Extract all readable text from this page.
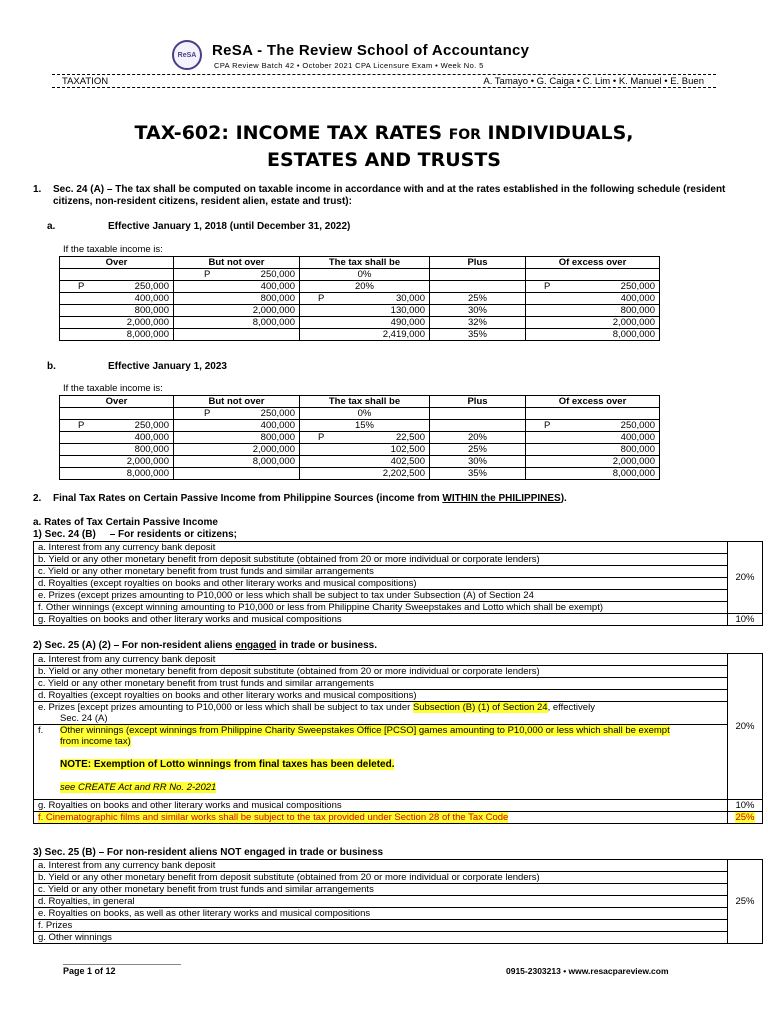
ReSA ReSA - The Review School of Accountancy
CPA Review Batch 42 • October 2021 CPA Licensure Exam • Week No. 5
TAXATION	A. Tamayo • G. Caiga • C. Lim • K. Manuel • E. Buen
TAX-602: INCOME TAX RATES FOR INDIVIDUALS,
ESTATES AND TRUSTS
1.	Sec. 24 (A) – The tax shall be computed on taxable income in accordance with and at the rates established in the following schedule (resident citizens, non-resident citizens, resident alien, estate and trust):
a.	Effective January 1, 2018 (until December 31, 2022)
If the taxable income is:
Over	But not over	The tax shall be	Plus	Of excess over

	P 250,000	0%		

P 250,000	400,000	20%		P 250,000
400,000	800,000	P 30,000	25%	400,000
800,000	2,000,000	130,000	30%	800,000
2,000,000	8,000,000	490,000	32%	2,000,000
8,000,000		2,419,000	35%	8,000,000
b.	Effective January 1, 2023
If the taxable income is:
Over	But not over	The tax shall be	Plus	Of excess over

	P 250,000	0%		

P 250,000	400,000	15%		P 250,000
400,000	800,000	P 22,500	20%	400,000
800,000	2,000,000	102,500	25%	800,000
2,000,000	8,000,000	402,500	30%	2,000,000
8,000,000		2,202,500	35%	8,000,000
2. Final Tax Rates on Certain Passive Income from Philippine Sources (income from WITHIN the PHILIPPINES).
a. Rates of Tax Certain Passive Income
1) Sec. 24 (B) – For residents or citizens;
a. Interest from any currency bank deposit	20%
b. Yield or any other monetary benefit from deposit substitute (obtained from 20 or more individual or corporate lenders)	
c. Yield or any other monetary benefit from trust funds and similar arrangements	
d. Royalties (except royalties on books and other literary works and musical compositions)	
e. Prizes (except prizes amounting to P10,000 or less which shall be subject to tax under Subsection (A) of Section 24	
f. Other winnings (except winning amounting to P10,000 or less from Philippine Charity Sweepstakes and Lotto which shall be exempt)	
g. Royalties on books and other literary works and musical compositions	10%
2) Sec. 25 (A) (2) – For non-resident aliens engaged in trade or business.
a. Interest from any currency bank deposit	20%
b. Yield or any other monetary benefit from deposit substitute (obtained from 20 or more individual or corporate lenders)	
c. Yield or any other monetary benefit from trust funds and similar arrangements	
d. Royalties (except royalties on books and other literary works and musical compositions)	
e. Prizes [except prizes amounting to P10,000 or less which shall be subject to tax under Subsection (B) (1) of Section 24, effectively
Sec. 24 (A)	

f. Other winnings (except winnings from Philippine Charity Sweepstakes Office [PCSO] games amounting to P10,000 or less which shall be exempt from income tax)
NOTE: Exemption of Lotto winnings from final taxes has been deleted.
see CREATE Act and RR No. 2-2021	

g. Royalties on books and other literary works and musical compositions	10%
f. Cinematographic films and similar works shall be subject to the tax provided under Section 28 of the Tax Code	25%
3) Sec. 25 (B) – For non-resident aliens NOT engaged in trade or business
a. Interest from any currency bank deposit	25%
b. Yield or any other monetary benefit from deposit substitute (obtained from 20 or more individual or corporate lenders)
c. Yield or any other monetary benefit from trust funds and similar arrangements
d. Royalties, in general
e. Royalties on books, as well as other literary works and musical compositions
f. Prizes
g. Other winnings
Page 1 of 12	0915-2303213 • www.resacpareview.com
